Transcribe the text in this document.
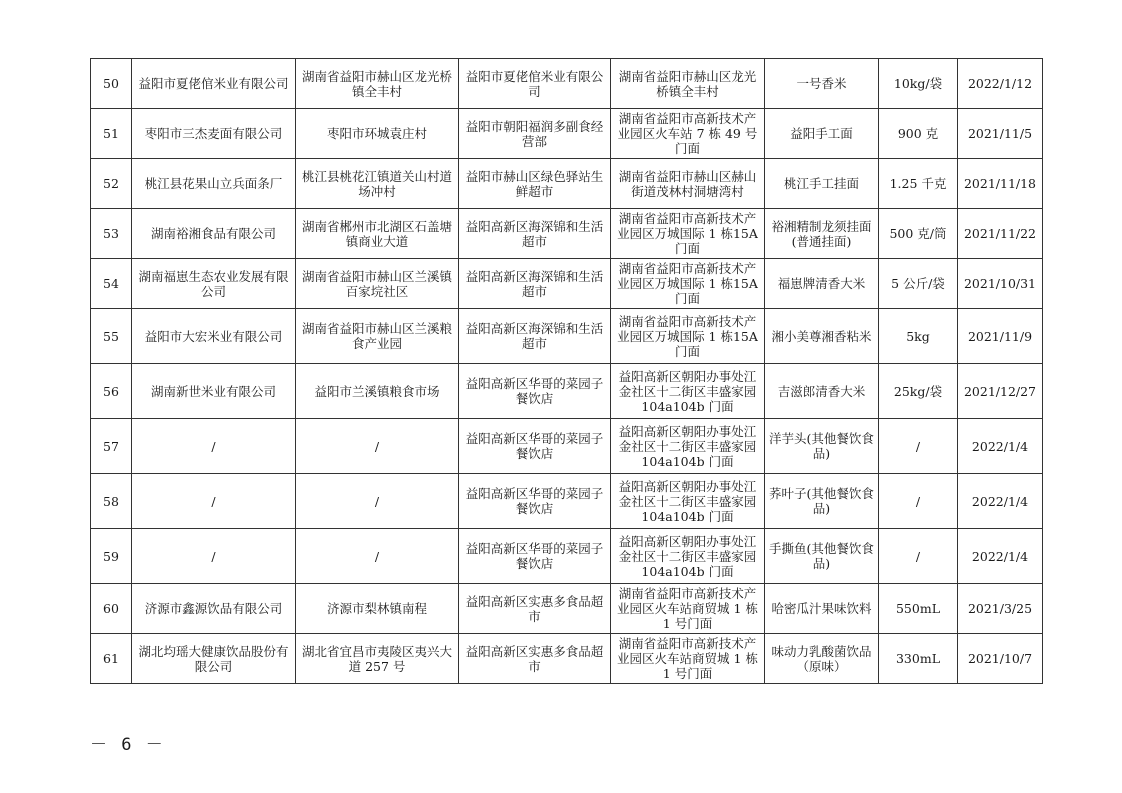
50	益阳市夏佬倌米业有限公司	湖南省益阳市赫山区龙光桥镇全丰村	益阳市夏佬倌米业有限公司	湖南省益阳市赫山区龙光桥镇全丰村	一号香米	10kg/袋	2022/1/12
51	枣阳市三杰麦面有限公司	枣阳市环城袁庄村	益阳市朝阳福润多副食经营部	湖南省益阳市高新技术产业园区火车站 7 栋 49 号门面	益阳手工面	900 克	2021/11/5
52	桃江县花果山立兵面条厂	桃江县桃花江镇道关山村道场冲村	益阳市赫山区绿色驿站生鲜超市	湖南省益阳市赫山区赫山街道茂林村洞塘湾村	桃江手工挂面	1.25 千克	2021/11/18
53	湖南裕湘食品有限公司	湖南省郴州市北湖区石盖塘镇商业大道	益阳高新区海深锦和生活超市	湖南省益阳市高新技术产业园区万城国际 1 栋15A 门面	裕湘精制龙须挂面(普通挂面)	500 克/筒	2021/11/22
54	湖南福崽生态农业发展有限公司	湖南省益阳市赫山区兰溪镇百家垸社区	益阳高新区海深锦和生活超市	湖南省益阳市高新技术产业园区万城国际 1 栋15A 门面	福崽牌清香大米	5 公斤/袋	2021/10/31
55	益阳市大宏米业有限公司	湖南省益阳市赫山区兰溪粮食产业园	益阳高新区海深锦和生活超市	湖南省益阳市高新技术产业园区万城国际 1 栋15A 门面	湘小美尊湘香粘米	5kg	2021/11/9
56	湖南新世米业有限公司	益阳市兰溪镇粮食市场	益阳高新区华哥的菜园子餐饮店	益阳高新区朝阳办事处江金社区十二街区丰盛家园 104a104b 门面	吉滋郎清香大米	25kg/袋	2021/12/27
57	/	/	益阳高新区华哥的菜园子餐饮店	益阳高新区朝阳办事处江金社区十二街区丰盛家园 104a104b 门面	洋芋头(其他餐饮食品)	/	2022/1/4
58	/	/	益阳高新区华哥的菜园子餐饮店	益阳高新区朝阳办事处江金社区十二街区丰盛家园 104a104b 门面	荞叶子(其他餐饮食品)	/	2022/1/4
59	/	/	益阳高新区华哥的菜园子餐饮店	益阳高新区朝阳办事处江金社区十二街区丰盛家园 104a104b 门面	手撕鱼(其他餐饮食品)	/	2022/1/4
60	济源市鑫源饮品有限公司	济源市梨林镇南程	益阳高新区实惠多食品超市	湖南省益阳市高新技术产业园区火车站商贸城 1 栋 1 号门面	哈密瓜汁果味饮料	550mL	2021/3/25
61	湖北均瑶大健康饮品股份有限公司	湖北省宜昌市夷陵区夷兴大道 257 号	益阳高新区实惠多食品超市	湖南省益阳市高新技术产业园区火车站商贸城 1 栋 1 号门面	味动力乳酸菌饮品（原味）	330mL	2021/10/7
－ 6 －
